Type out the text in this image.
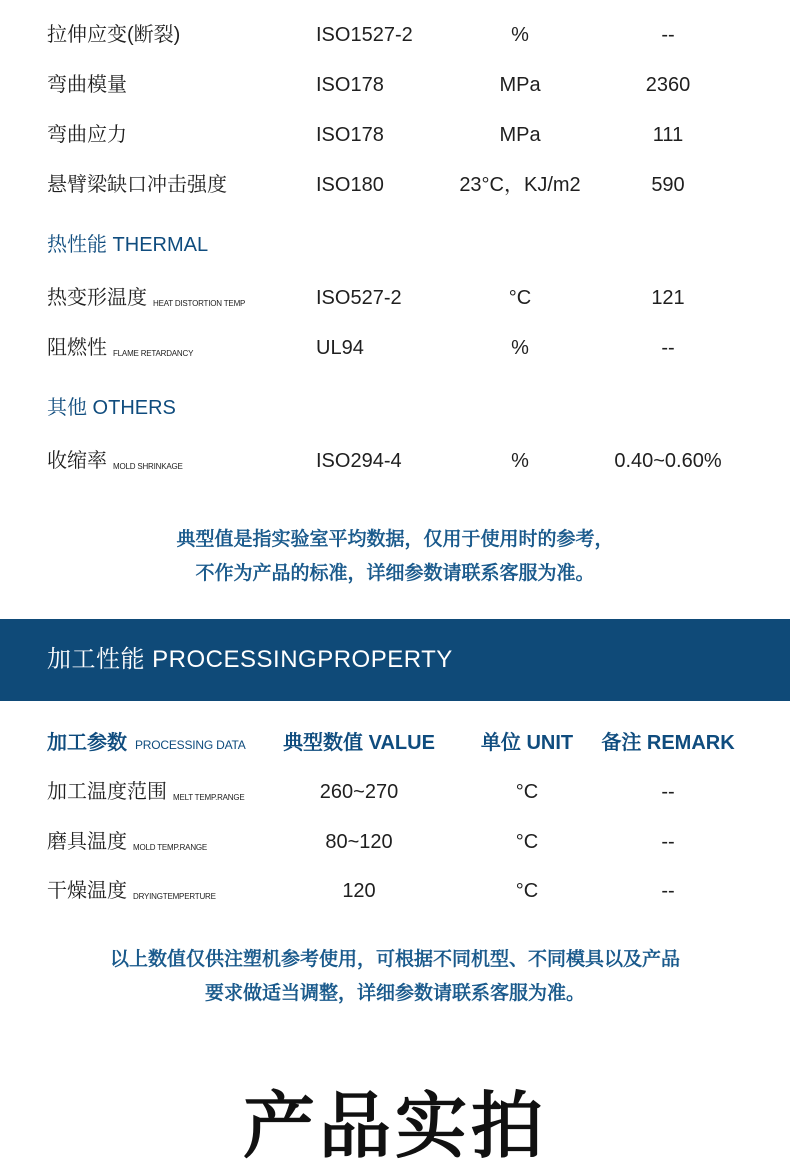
拉伸应变(断裂)	ISO1527-2	%	--
弯曲模量	ISO178	MPa	2360
弯曲应力	ISO178	MPa	111
悬臂梁缺口冲击强度	ISO180	23°C，KJ/m2	590
热性能 THERMAL
热变形温度 HEAT DISTORTION TEMP	ISO527-2	°C	121
阻燃性 FLAME RETARDANCY	UL94	%	--
其他 OTHERS
收缩率 MOLD SHRINKAGE	ISO294-4	%	0.40~0.60%
典型值是指实验室平均数据，仅用于使用时的参考，
不作为产品的标准，详细参数请联系客服为准。
加工性能 PROCESSINGPROPERTY
加工参数 PROCESSING DATA	典型数值 VALUE	单位 UNIT	备注 REMARK
加工温度范围 MELT TEMP.RANGE	260~270	°C	--
磨具温度 MOLD TEMP.RANGE	80~120	°C	--
干燥温度 DRYINGTEMPERTURE	120	°C	--
以上数值仅供注塑机参考使用，可根据不同机型、不同模具以及产品
要求做适当调整，详细参数请联系客服为准。
产品实拍
